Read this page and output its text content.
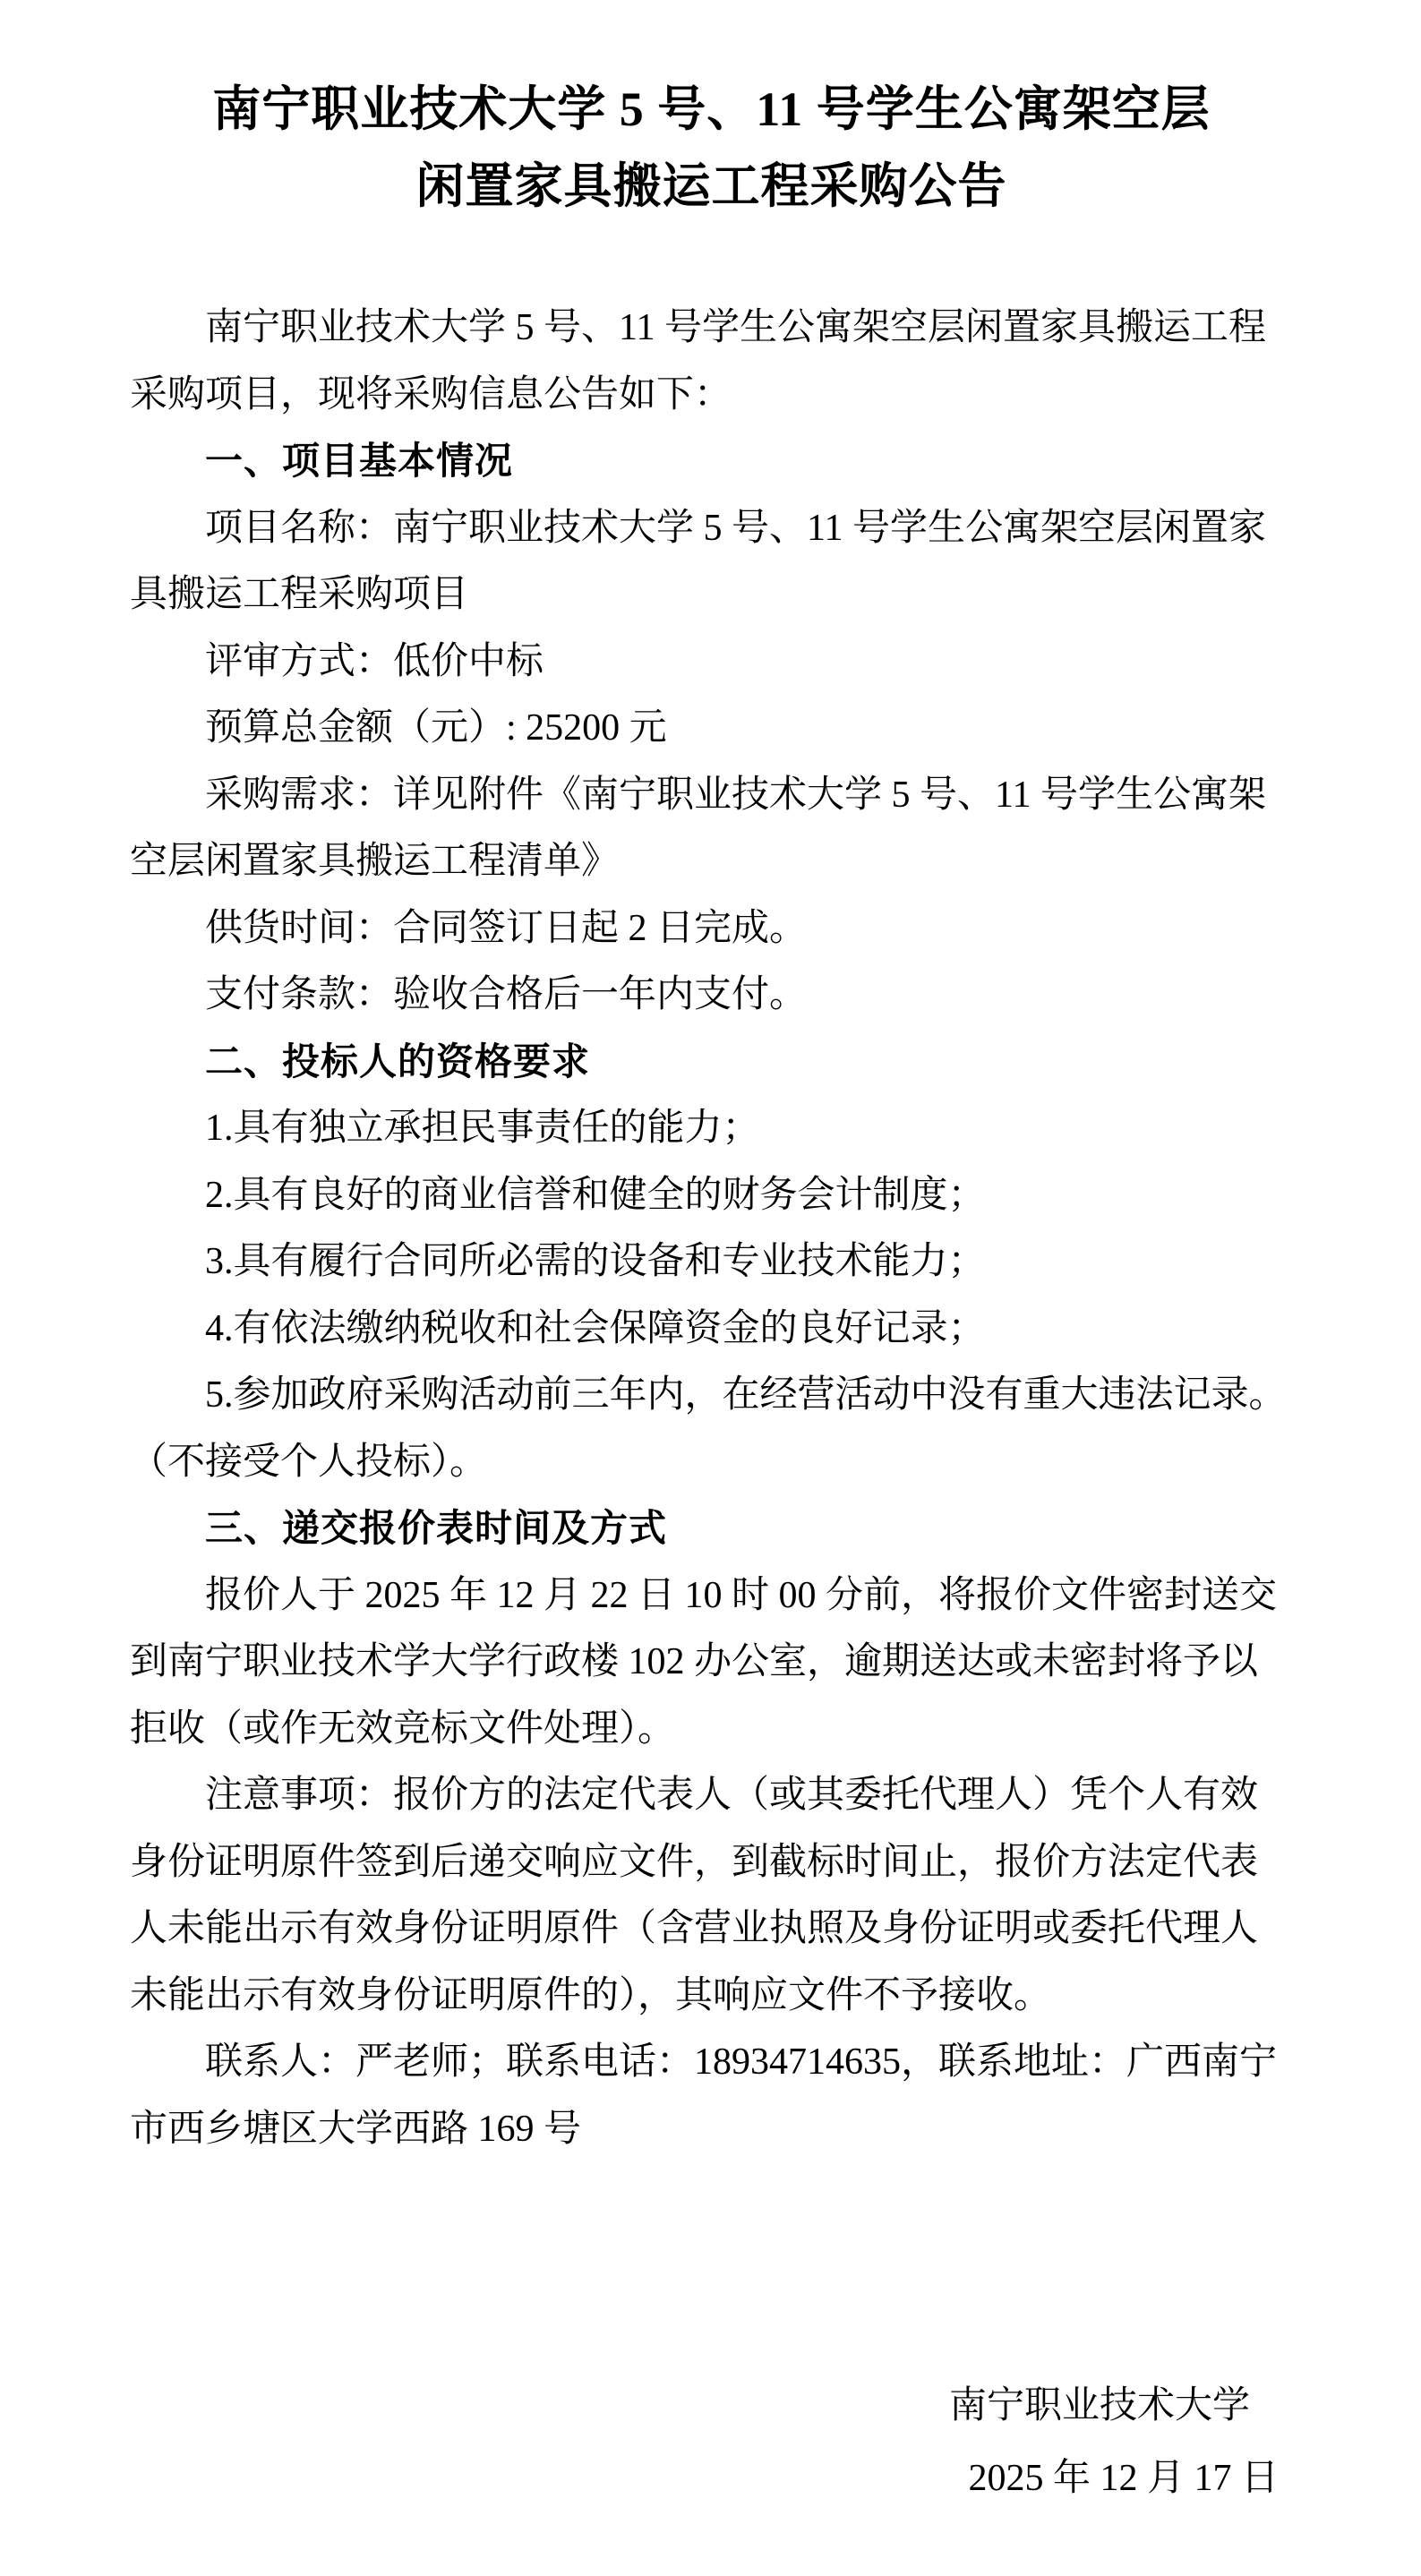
南宁职业技术大学 5 号、11 号学生公寓架空层
闲置家具搬运工程采购公告
南宁职业技术大学 5 号、11 号学生公寓架空层闲置家具搬运工程
采购项目，现将采购信息公告如下：
一、项目基本情况
项目名称：南宁职业技术大学 5 号、11 号学生公寓架空层闲置家
具搬运工程采购项目
评审方式：低价中标
预算总金额（元）: 25200 元
采购需求：详见附件《南宁职业技术大学 5 号、11 号学生公寓架
空层闲置家具搬运工程清单》
供货时间：合同签订日起 2 日完成。
支付条款：验收合格后一年内支付。
二、投标人的资格要求
1.具有独立承担民事责任的能力；
2.具有良好的商业信誉和健全的财务会计制度；
3.具有履行合同所必需的设备和专业技术能力；
4.有依法缴纳税收和社会保障资金的良好记录；
5.参加政府采购活动前三年内，在经营活动中没有重大违法记录。
（不接受个人投标）。
三、递交报价表时间及方式
报价人于 2025 年 12 月 22 日 10 时 00 分前，将报价文件密封送交
到南宁职业技术学大学行政楼 102 办公室，逾期送达或未密封将予以
拒收（或作无效竞标文件处理）。
注意事项：报价方的法定代表人（或其委托代理人）凭个人有效
身份证明原件签到后递交响应文件，到截标时间止，报价方法定代表
人未能出示有效身份证明原件（含营业执照及身份证明或委托代理人
未能出示有效身份证明原件的），其响应文件不予接收。
联系人：严老师；联系电话：18934714635，联系地址：广西南宁
市西乡塘区大学西路 169 号
南宁职业技术大学
2025 年 12 月 17 日
